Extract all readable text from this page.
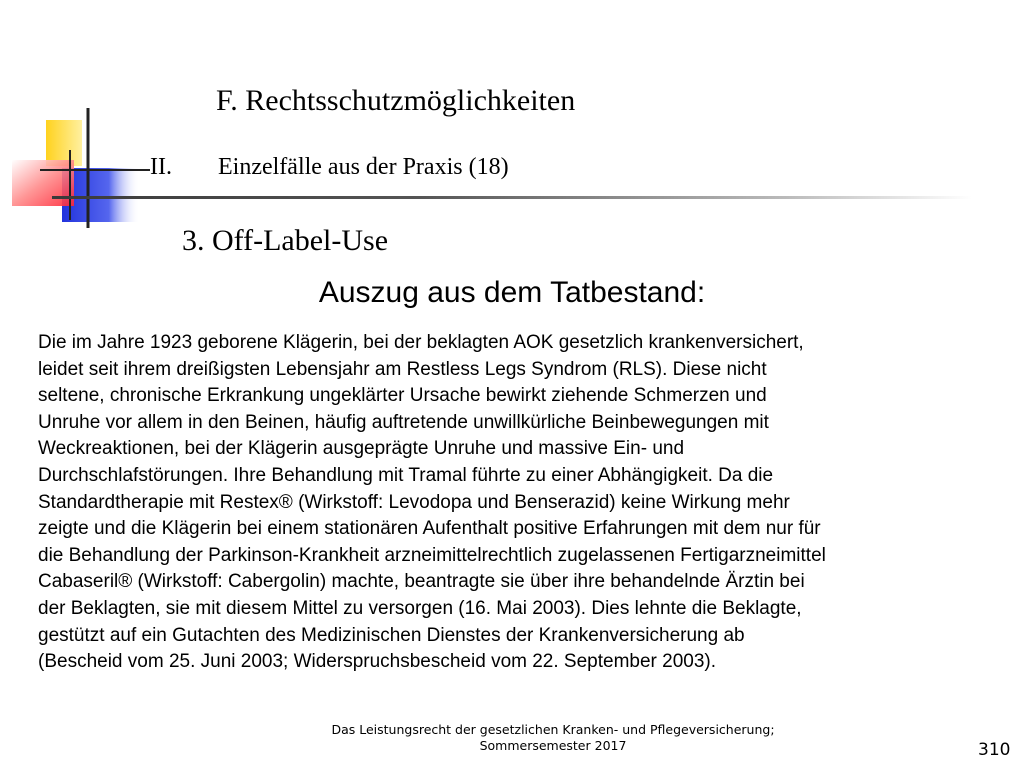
F. Rechtsschutzmöglichkeiten
II. Einzelfälle aus der Praxis (18)
3. Off-Label-Use
Auszug aus dem Tatbestand:

Die im Jahre 1923 geborene Klägerin, bei der beklagten AOK gesetzlich krankenversichert,
leidet seit ihrem dreißigsten Lebensjahr am Restless Legs Syndrom (RLS). Diese nicht
seltene, chronische Erkrankung ungeklärter Ursache bewirkt ziehende Schmerzen und
Unruhe vor allem in den Beinen, häufig auftretende unwillkürliche Beinbewegungen mit
Weckreaktionen, bei der Klägerin ausgeprägte Unruhe und massive Ein- und
Durchschlafstörungen. Ihre Behandlung mit Tramal führte zu einer Abhängigkeit. Da die
Standardtherapie mit Restex® (Wirkstoff: Levodopa und Benserazid) keine Wirkung mehr
zeigte und die Klägerin bei einem stationären Aufenthalt positive Erfahrungen mit dem nur für
die Behandlung der Parkinson-Krankheit arzneimittelrechtlich zugelassenen Fertigarzneimittel
Cabaseril® (Wirkstoff: Cabergolin) machte, beantragte sie über ihre behandelnde Ärztin bei
der Beklagten, sie mit diesem Mittel zu versorgen (16. Mai 2003). Dies lehnte die Beklagte,
gestützt auf ein Gutachten des Medizinischen Dienstes der Krankenversicherung ab
(Bescheid vom 25. Juni 2003; Widerspruchsbescheid vom 22. September 2003).

Das Leistungsrecht der gesetzlichen Kranken- und Pflegeversicherung;
Sommersemester 2017	310
